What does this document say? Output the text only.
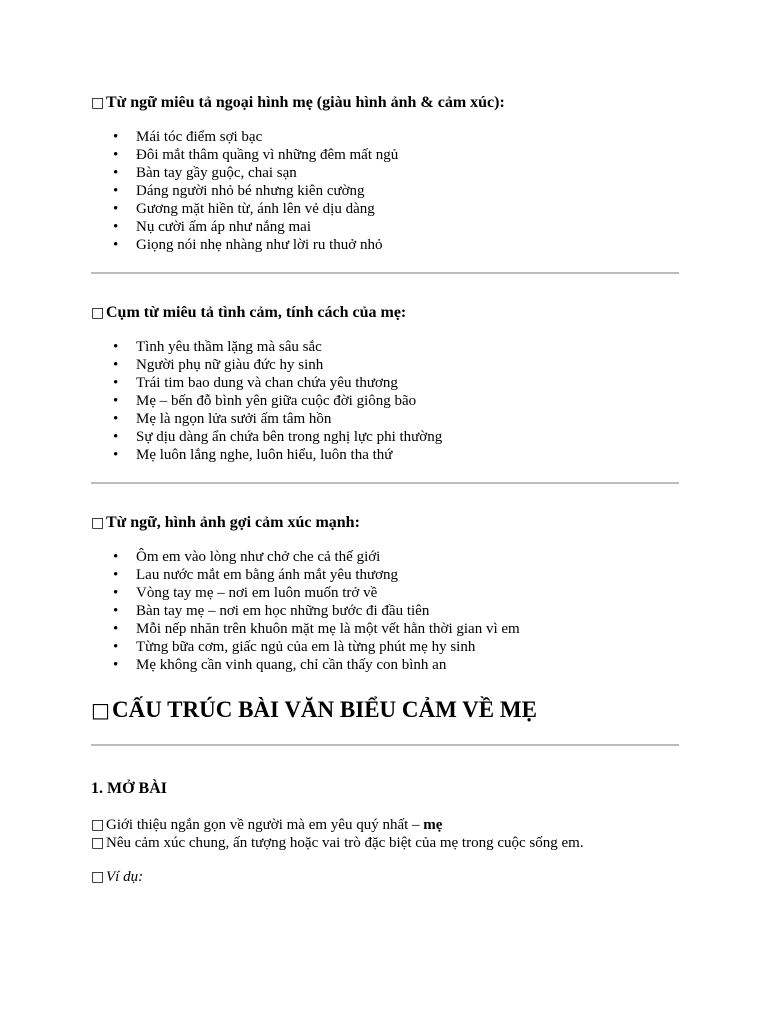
□ Từ ngữ miêu tả ngoại hình mẹ (giàu hình ảnh & cảm xúc):
• Mái tóc điểm sợi bạc
• Đôi mắt thâm quầng vì những đêm mất ngủ
• Bàn tay gầy guộc, chai sạn
• Dáng người nhỏ bé nhưng kiên cường
• Gương mặt hiền từ, ánh lên vẻ dịu dàng
• Nụ cười ấm áp như nắng mai
• Giọng nói nhẹ nhàng như lời ru thuở nhỏ
□ Cụm từ miêu tả tình cảm, tính cách của mẹ:
• Tình yêu thầm lặng mà sâu sắc
• Người phụ nữ giàu đức hy sinh
• Trái tim bao dung và chan chứa yêu thương
• Mẹ – bến đỗ bình yên giữa cuộc đời giông bão
• Mẹ là ngọn lửa sưởi ấm tâm hồn
• Sự dịu dàng ẩn chứa bên trong nghị lực phi thường
• Mẹ luôn lắng nghe, luôn hiểu, luôn tha thứ
□ Từ ngữ, hình ảnh gợi cảm xúc mạnh:
• Ôm em vào lòng như chở che cả thế giới
• Lau nước mắt em bằng ánh mắt yêu thương
• Vòng tay mẹ – nơi em luôn muốn trở về
• Bàn tay mẹ – nơi em học những bước đi đầu tiên
• Mỗi nếp nhăn trên khuôn mặt mẹ là một vết hằn thời gian vì em
• Từng bữa cơm, giấc ngủ của em là từng phút mẹ hy sinh
• Mẹ không cần vinh quang, chỉ cần thấy con bình an
□CẤU TRÚC BÀI VĂN BIỂU CẢM VỀ MẸ
1. MỞ BÀI

□ Giới thiệu ngắn gọn về người mà em yêu quý nhất – mẹ

□ Nêu cảm xúc chung, ấn tượng hoặc vai trò đặc biệt của mẹ trong cuộc sống em.

□ Ví dụ:
